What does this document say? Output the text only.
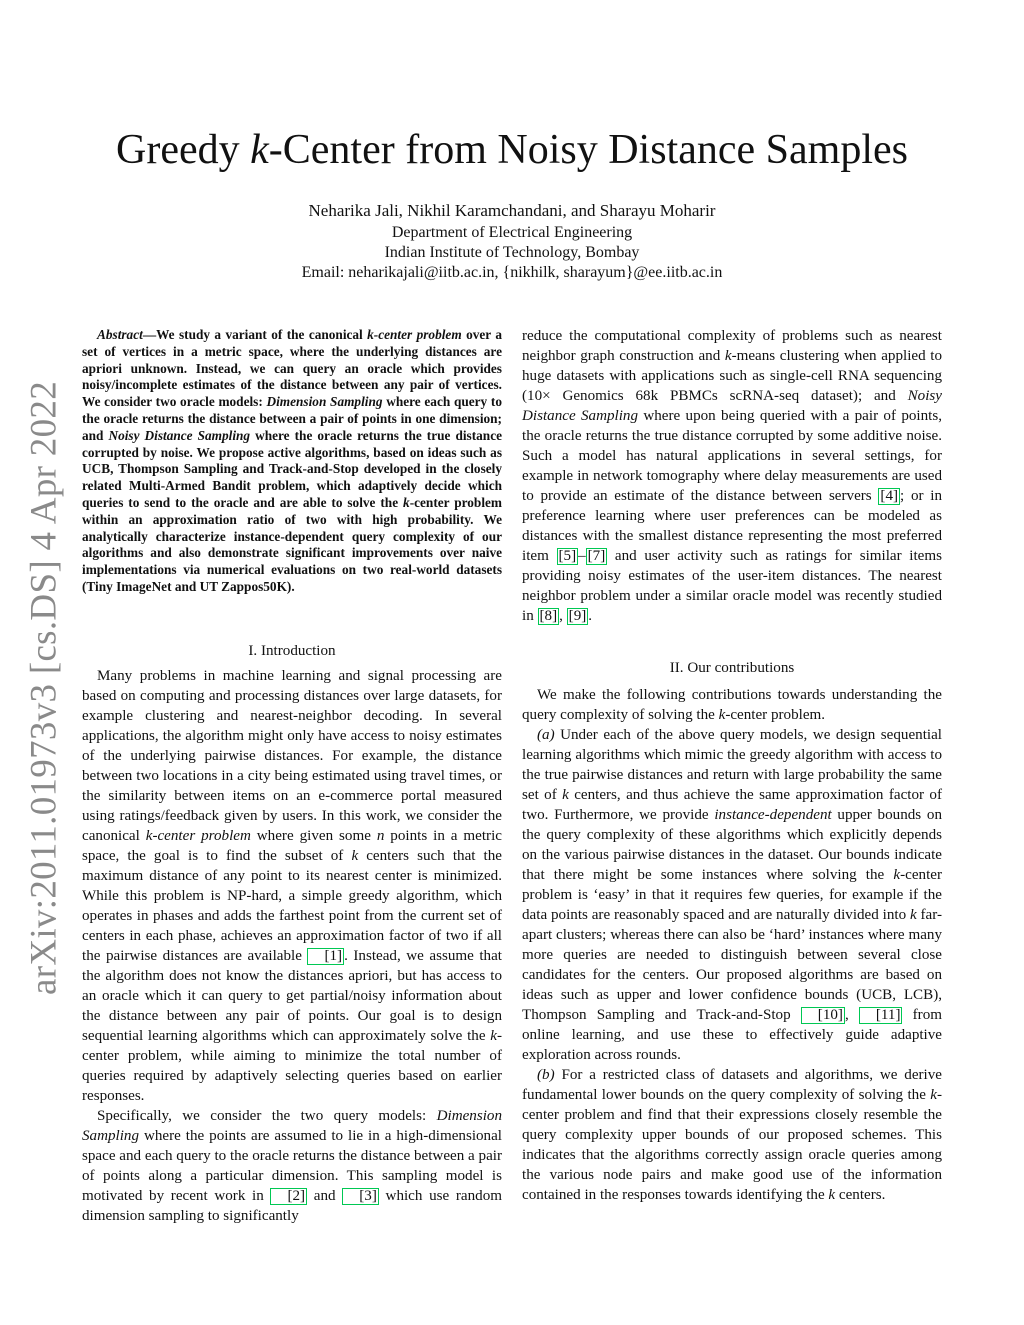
arXiv:2011.01973v3 [cs.DS] 4 Apr 2022
Greedy k-Center from Noisy Distance Samples
Neharika Jali, Nikhil Karamchandani, and Sharayu Moharir
Department of Electrical Engineering
Indian Institute of Technology, Bombay
Email: neharikajali@iitb.ac.in, {nikhilk, sharayum}@ee.iitb.ac.in
Abstract—We study a variant of the canonical k-center problem over a set of vertices in a metric space, where the underlying distances are apriori unknown. Instead, we can query an oracle which provides noisy/incomplete estimates of the distance between any pair of vertices. We consider two oracle models: Dimension Sampling where each query to the oracle returns the distance between a pair of points in one dimension; and Noisy Distance Sampling where the oracle returns the true distance corrupted by noise. We propose active algorithms, based on ideas such as UCB, Thompson Sampling and Track-and-Stop developed in the closely related Multi-Armed Bandit problem, which adaptively decide which queries to send to the oracle and are able to solve the k-center problem within an approximation ratio of two with high probability. We analytically characterize instance-dependent query complexity of our algorithms and also demonstrate significant improvements over naive implementations via numerical evaluations on two real-world datasets (Tiny ImageNet and UT Zappos50K).
I. Introduction

Many problems in machine learning and signal processing are based on computing and processing distances over large datasets, for example clustering and nearest-neighbor decoding. In several applications, the algorithm might only have access to noisy estimates of the underlying pairwise distances. For example, the distance between two locations in a city being estimated using travel times, or the similarity between items on an e-commerce portal measured using ratings/feedback given by users. In this work, we consider the canonical k-center problem where given some n points in a metric space, the goal is to find the subset of k centers such that the maximum distance of any point to its nearest center is minimized. While this problem is NP-hard, a simple greedy algorithm, which operates in phases and adds the farthest point from the current set of centers in each phase, achieves an approximation factor of two if all the pairwise distances are available [1] . Instead, we assume that the algorithm does not know the distances apriori, but has access to an oracle which it can query to get partial/noisy information about the distance between any pair of points. Our goal is to design sequential learning algorithms which can approximately solve the k-center problem, while aiming to minimize the total number of queries required by adaptively selecting queries based on earlier responses.

Specifically, we consider the two query models: Dimension Sampling where the points are assumed to lie in a high-dimensional space and each query to the oracle returns the distance between a pair of points along a particular dimension. This sampling model is motivated by recent work in [2] and [3] which use random dimension sampling to significantly

reduce the computational complexity of problems such as nearest neighbor graph construction and k-means clustering when applied to huge datasets with applications such as single-cell RNA sequencing (10× Genomics 68k PBMCs scRNA-seq dataset); and Noisy Distance Sampling where upon being queried with a pair of points, the oracle returns the true distance corrupted by some additive noise. Such a model has natural applications in several settings, for example in network tomography where delay measurements are used to provide an estimate of the distance between servers [4] ; or in preference learning where user preferences can be modeled as distances with the smallest distance representing the most preferred item [5] – [7] and user activity such as ratings for similar items providing noisy estimates of the user-item distances. The nearest neighbor problem under a similar oracle model was recently studied in [8] , [9] .

II. Our contributions

We make the following contributions towards understanding the query complexity of solving the k-center problem.

(a) Under each of the above query models, we design sequential learning algorithms which mimic the greedy algorithm with access to the true pairwise distances and return with large probability the same set of k centers, and thus achieve the same approximation factor of two. Furthermore, we provide instance-dependent upper bounds on the query complexity of these algorithms which explicitly depends on the various pairwise distances in the dataset. Our bounds indicate that there might be some instances where solving the k-center problem is ‘easy’ in that it requires few queries, for example if the data points are reasonably spaced and are naturally divided into k far-apart clusters; whereas there can also be ‘hard’ instances where many more queries are needed to distinguish between several close candidates for the centers. Our proposed algorithms are based on ideas such as upper and lower confidence bounds (UCB, LCB), Thompson Sampling and Track-and-Stop [10] , [11] from online learning, and use these to effectively guide adaptive exploration across rounds.

(b) For a restricted class of datasets and algorithms, we derive fundamental lower bounds on the query complexity of solving the k-center problem and find that their expressions closely resemble the query complexity upper bounds of our proposed schemes. This indicates that the algorithms correctly assign oracle queries among the various node pairs and make good use of the information contained in the responses towards identifying the k centers.
